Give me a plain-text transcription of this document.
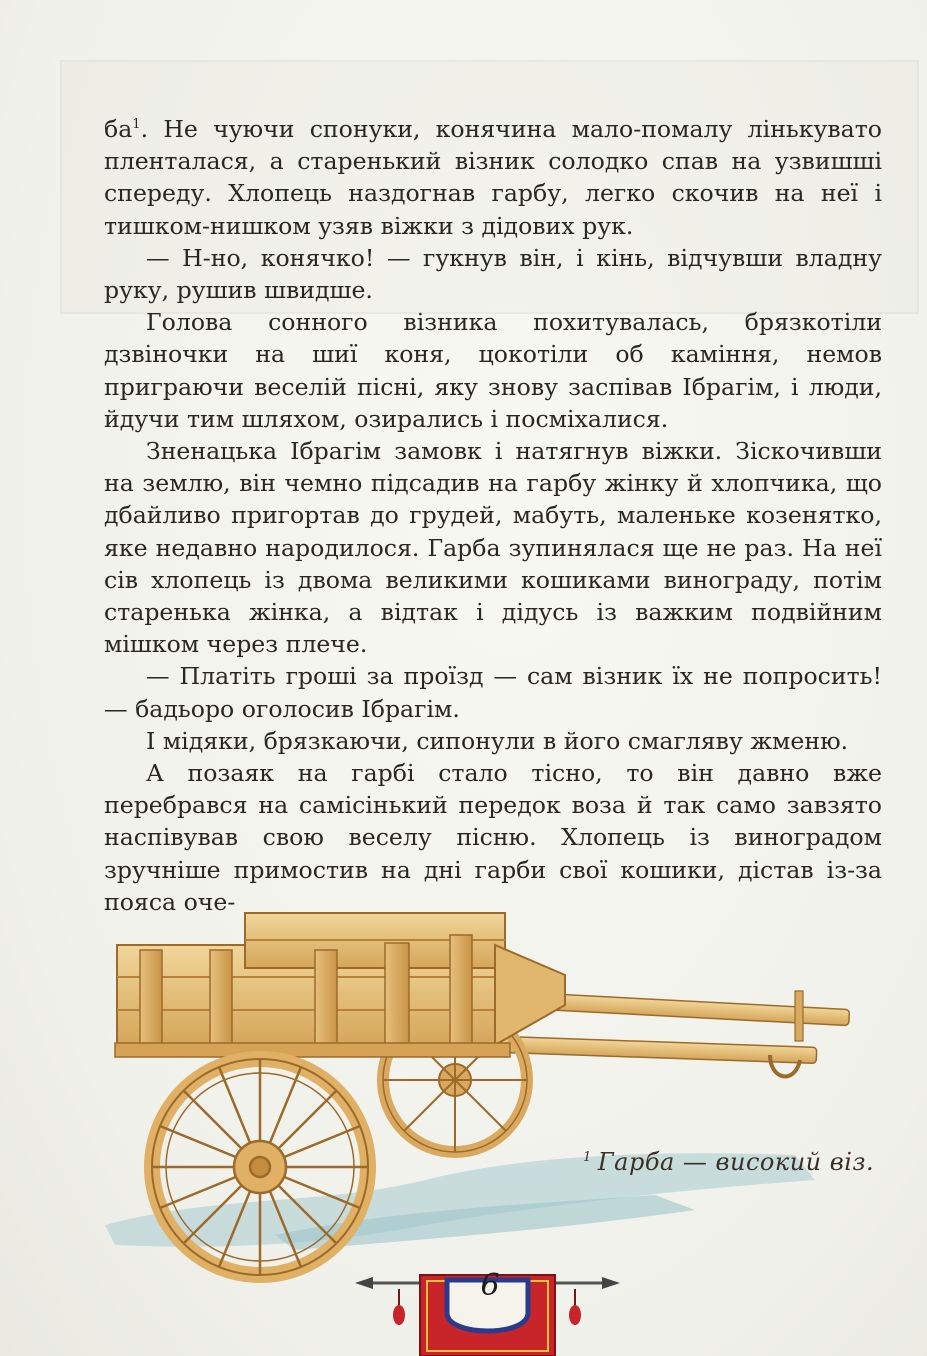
$ба^1$. Не чуючи спонуки, конячина мало-помалу лінькувато пленталася, а старенький візник солодко спав на узвишші спереду. Хлопець наздогнав гарбу, легко скочив на неї і тишком-нишком узяв віжки з дідових рук.

— Н-но, конячко! — гукнув він, і кінь, відчувши владну руку, рушив швидше.

Голова сонного візника похитувалась, брязкотіли дзвіночки на шиї коня, цокотіли об каміння, немов приграючи веселій пісні, яку знову заспівав Ібрагім, і люди, йдучи тим шляхом, озирались і посміхалися.

Зненацька Ібрагім замовк і натягнув віжки. Зіскочивши на землю, він чемно підсадив на гарбу жінку й хлопчика, що дбайливо пригортав до грудей, мабуть, маленьке козенятко, яке недавно народилося. Гарба зупинялася ще не раз. На неї сів хлопець із двома великими кошиками винограду, потім старенька жінка, а відтак і дідусь із важким подвійним мішком через плече.

— Платіть гроші за проїзд — сам візник їх не попросить! — бадьоро оголосив Ібрагім.

І мідяки, брязкаючи, сипонули в його смагляву жменю.

А позаяк на гарбі стало тісно, то він давно вже перебрався на самісінький передок воза й так само завзято наспівував свою веселу пісню. Хлопець із виноградом зручніше примостив на дні гарби свої кошики, дістав із-за пояса оче-

$^1$ Гарба — високий віз.
6
